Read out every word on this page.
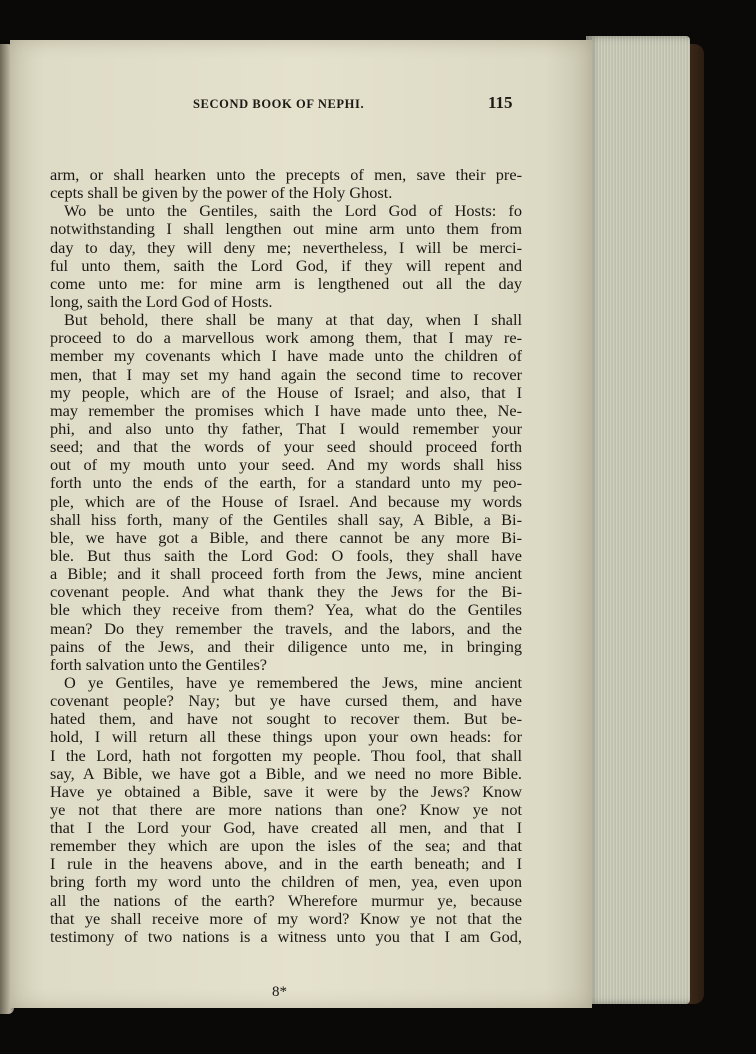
SECOND BOOK OF NEPHI.	115
arm, or shall hearken unto the precepts of men, save their pre-
cepts shall be given by the power of the Holy Ghost.
Wo be unto the Gentiles, saith the Lord God of Hosts: fo
notwithstanding I shall lengthen out mine arm unto them from
day to day, they will deny me; nevertheless, I will be merci-
ful unto them, saith the Lord God, if they will repent and
come unto me: for mine arm is lengthened out all the day
long, saith the Lord God of Hosts.
But behold, there shall be many at that day, when I shall
proceed to do a marvellous work among them, that I may re-
member my covenants which I have made unto the children of
men, that I may set my hand again the second time to recover
my people, which are of the House of Israel; and also, that I
may remember the promises which I have made unto thee, Ne-
phi, and also unto thy father, That I would remember your
seed; and that the words of your seed should proceed forth
out of my mouth unto your seed. And my words shall hiss
forth unto the ends of the earth, for a standard unto my peo-
ple, which are of the House of Israel. And because my words
shall hiss forth, many of the Gentiles shall say, A Bible, a Bi-
ble, we have got a Bible, and there cannot be any more Bi-
ble. But thus saith the Lord God: O fools, they shall have
a Bible; and it shall proceed forth from the Jews, mine ancient
covenant people. And what thank they the Jews for the Bi-
ble which they receive from them? Yea, what do the Gentiles
mean? Do they remember the travels, and the labors, and the
pains of the Jews, and their diligence unto me, in bringing
forth salvation unto the Gentiles?
O ye Gentiles, have ye remembered the Jews, mine ancient
covenant people? Nay; but ye have cursed them, and have
hated them, and have not sought to recover them. But be-
hold, I will return all these things upon your own heads: for
I the Lord, hath not forgotten my people. Thou fool, that shall
say, A Bible, we have got a Bible, and we need no more Bible.
Have ye obtained a Bible, save it were by the Jews? Know
ye not that there are more nations than one? Know ye not
that I the Lord your God, have created all men, and that I
remember they which are upon the isles of the sea; and that
I rule in the heavens above, and in the earth beneath; and I
bring forth my word unto the children of men, yea, even upon
all the nations of the earth? Wherefore murmur ye, because
that ye shall receive more of my word? Know ye not that the
testimony of two nations is a witness unto you that I am God,
8*
